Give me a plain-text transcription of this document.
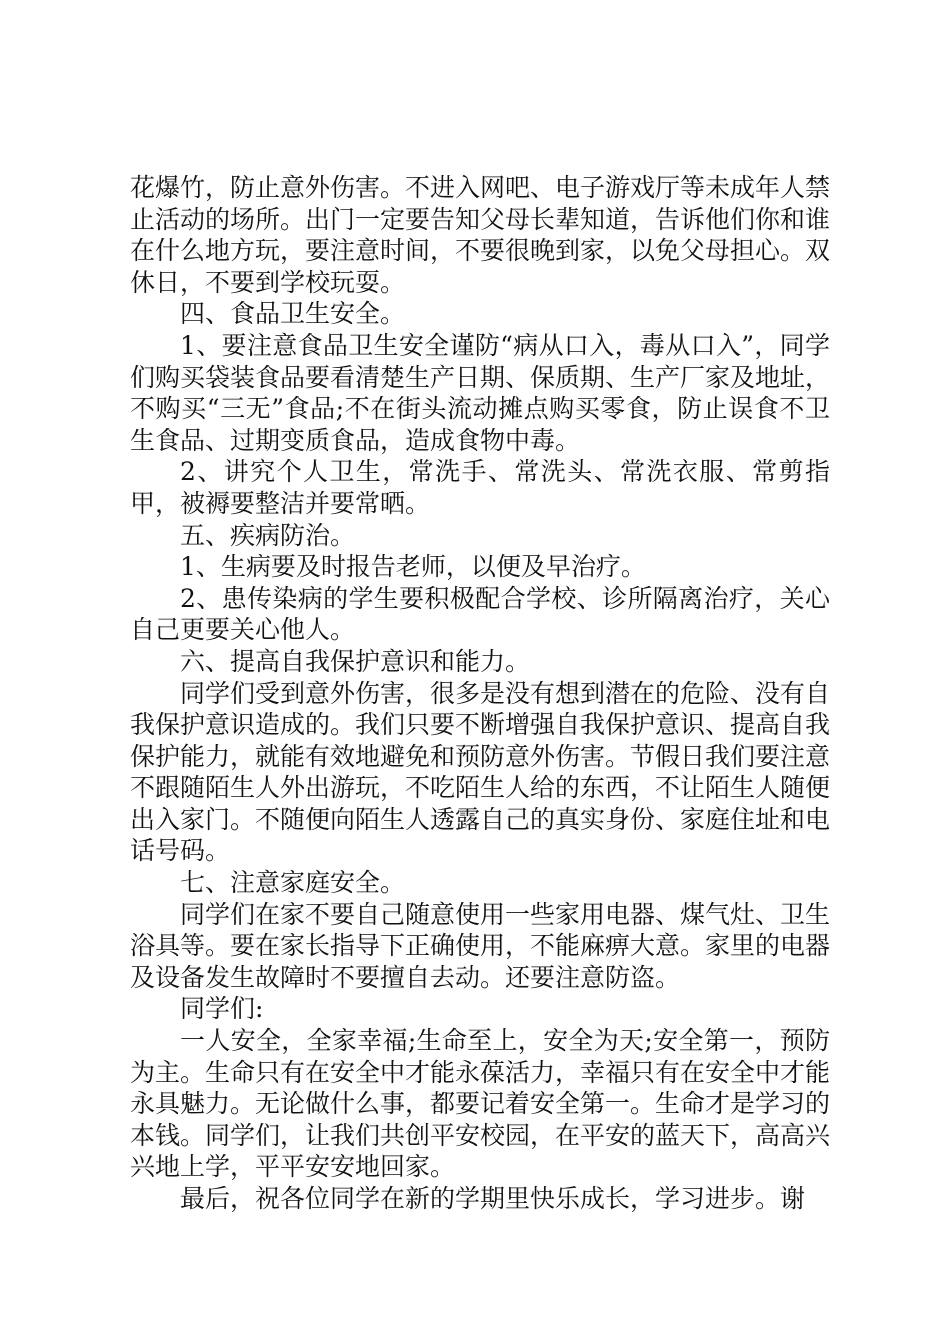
花爆竹，防止意外伤害。不进入网吧、电子游戏厅等未成年人禁止活动的场所。出门一定要告知父母长辈知道，告诉他们你和谁在什么地方玩，要注意时间，不要很晚到家，以免父母担心。双休日，不要到学校玩耍。

四、食品卫生安全。

1、要注意食品卫生安全谨防“病从口入，毒从口入”，同学们购买袋装食品要看清楚生产日期、保质期、生产厂家及地址，不购买“三无”食品;不在街头流动摊点购买零食，防止误食不卫生食品、过期变质食品，造成食物中毒。

2、讲究个人卫生，常洗手、常洗头、常洗衣服、常剪指甲，被褥要整洁并要常晒。

五、疾病防治。

1、生病要及时报告老师，以便及早治疗。

2、患传染病的学生要积极配合学校、诊所隔离治疗，关心自己更要关心他人。

六、提高自我保护意识和能力。

同学们受到意外伤害，很多是没有想到潜在的危险、没有自我保护意识造成的。我们只要不断增强自我保护意识、提高自我保护能力，就能有效地避免和预防意外伤害。节假日我们要注意不跟随陌生人外出游玩，不吃陌生人给的东西，不让陌生人随便出入家门。不随便向陌生人透露自己的真实身份、家庭住址和电话号码。

七、注意家庭安全。

同学们在家不要自己随意使用一些家用电器、煤气灶、卫生浴具等。要在家长指导下正确使用，不能麻痹大意。家里的电器及设备发生故障时不要擅自去动。还要注意防盗。

同学们:

一人安全，全家幸福;生命至上，安全为天;安全第一，预防为主。生命只有在安全中才能永葆活力，幸福只有在安全中才能永具魅力。无论做什么事，都要记着安全第一。生命才是学习的本钱。同学们，让我们共创平安校园，在平安的蓝天下，高高兴兴地上学，平平安安地回家。

最后，祝各位同学在新的学期里快乐成长，学习进步。谢
